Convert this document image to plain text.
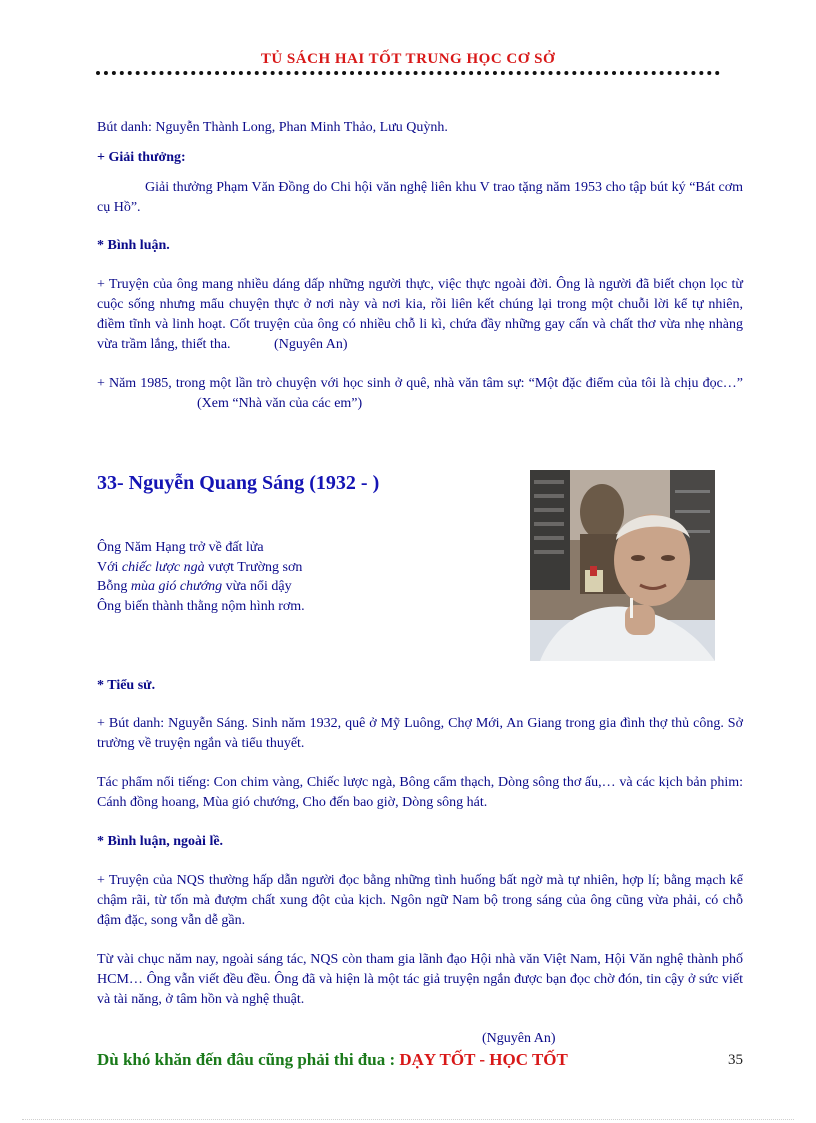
TỦ SÁCH HAI TỐT TRUNG HỌC CƠ SỞ
Bút danh: Nguyễn Thành Long, Phan Minh Thảo, Lưu Quỳnh.
+ Giải thưởng:
Giải thưởng Phạm Văn Đồng do Chi hội văn nghệ liên khu V trao tặng năm 1953 cho tập bút ký “Bát cơm cụ Hồ”.
* Bình luận.
+ Truyện của ông mang nhiều dáng dấp những người thực, việc thực ngoài đời. Ông là người đã biết chọn lọc từ cuộc sống nhưng mẩu chuyện thực ở nơi này và nơi kia, rồi liên kết chúng lại trong một chuỗi lời kể tự nhiên, điềm tĩnh và linh hoạt. Cốt truyện của ông có nhiều chỗ li kì, chứa đầy những gay cấn và chất thơ vừa nhẹ nhàng vừa trầm lắng, thiết tha.	(Nguyên An)
+ Năm 1985, trong một lần trò chuyện với học sinh ở quê, nhà văn tâm sự: “Một đặc điểm của tôi là chịu đọc…” (Xem “Nhà văn của các em”)
33- Nguyễn Quang Sáng (1932 - )
Ông Năm Hạng trở về đất lửa
Với chiếc lược ngà vượt Trường sơn
Bỗng mùa gió chướng vừa nổi dậy
Ông biến thành thằng nộm hình rơm.
* Tiểu sử.
+ Bút danh: Nguyễn Sáng. Sinh năm 1932, quê ở Mỹ Luông, Chợ Mới, An Giang trong gia đình thợ thủ công. Sở trường về truyện ngắn và tiểu thuyết.
Tác phẩm nổi tiếng: Con chim vàng, Chiếc lược ngà, Bông cẩm thạch, Dòng sông thơ ấu,… và các kịch bản phim: Cánh đồng hoang, Mùa gió chướng, Cho đến bao giờ, Dòng sông hát.
* Bình luận, ngoài lề.
+ Truyện của NQS thường hấp dẫn người đọc bằng những tình huống bất ngờ mà tự nhiên, hợp lí; bằng mạch kể chậm rãi, từ tốn mà đượm chất xung đột của kịch. Ngôn ngữ Nam bộ trong sáng của ông cũng vừa phải, có chỗ đậm đặc, song vẫn dễ gần.
Từ vài chục năm nay, ngoài sáng tác, NQS còn tham gia lãnh đạo Hội nhà văn Việt Nam, Hội Văn nghệ thành phố HCM… Ông vẫn viết đều đều. Ông đã và hiện là một tác giả truyện ngắn được bạn đọc chờ đón, tin cậy ở sức viết và tài năng, ở tâm hồn và nghệ thuật.
(Nguyên An)
Dù khó khăn đến đâu cũng phải thi đua : DẠY TỐT - HỌC TỐT	35
